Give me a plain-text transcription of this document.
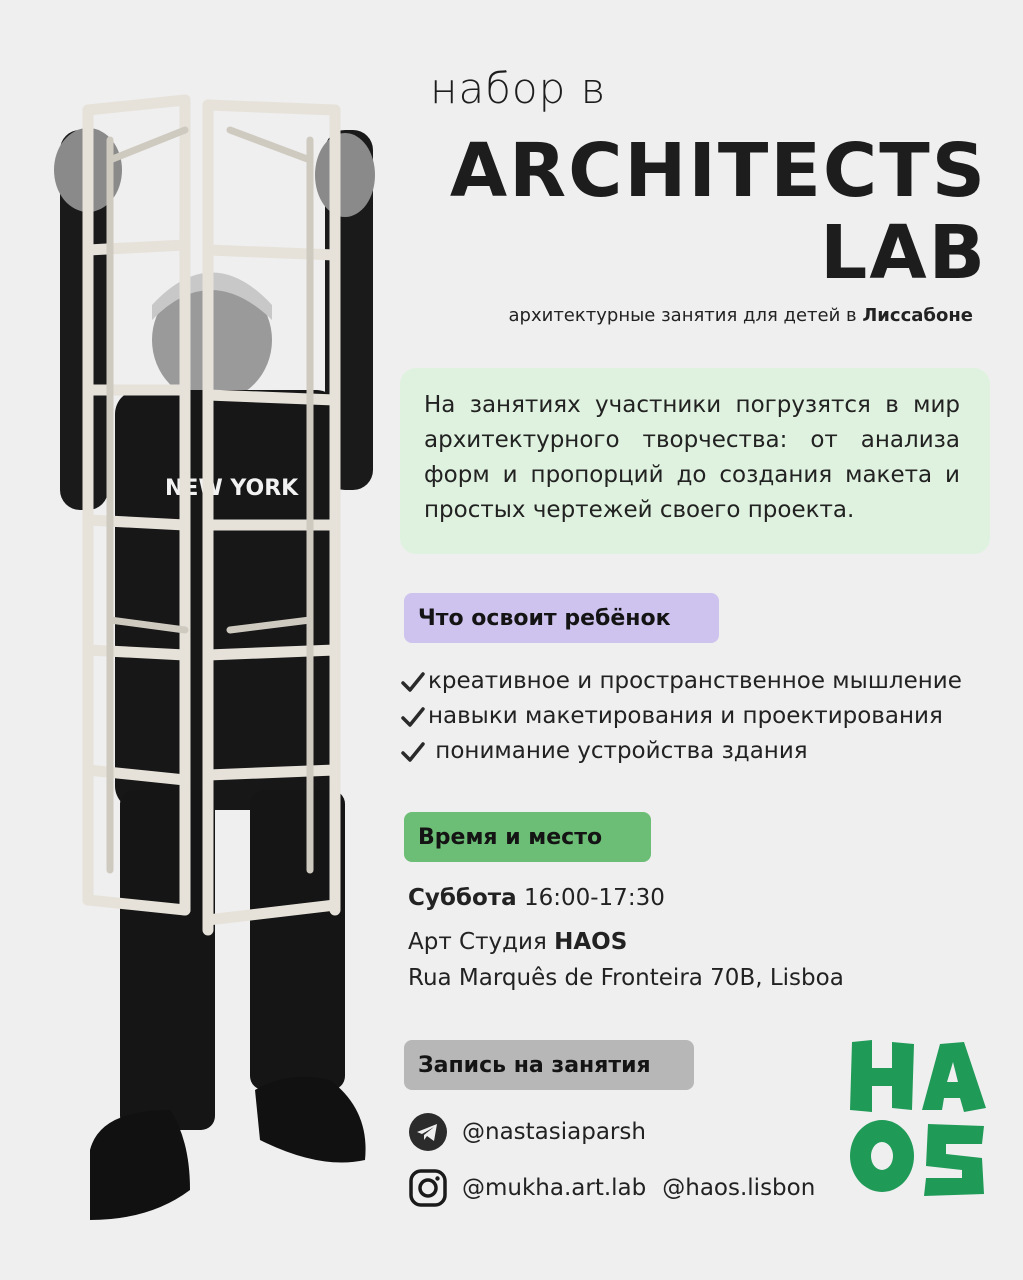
NEW YORK
набор в
ARCHITECTS
LAB
архитектурные занятия для детей в Лиссабоне
На занятиях участники погрузятся в мир архитектурного творчества: от анализа форм и пропорций до создания макета и простых чертежей своего проекта.
Что освоит ребёнок
креативное и пространственное мышление
навыки макетирования и проектирования
понимание устройства здания
Время и место
Суббота 16:00-17:30
Арт Студия HAOS
Rua Marquês de Fronteira 70B, Lisboa
Запись на занятия
@nastasiaparsh
@mukha.art.lab @haos.lisbon
